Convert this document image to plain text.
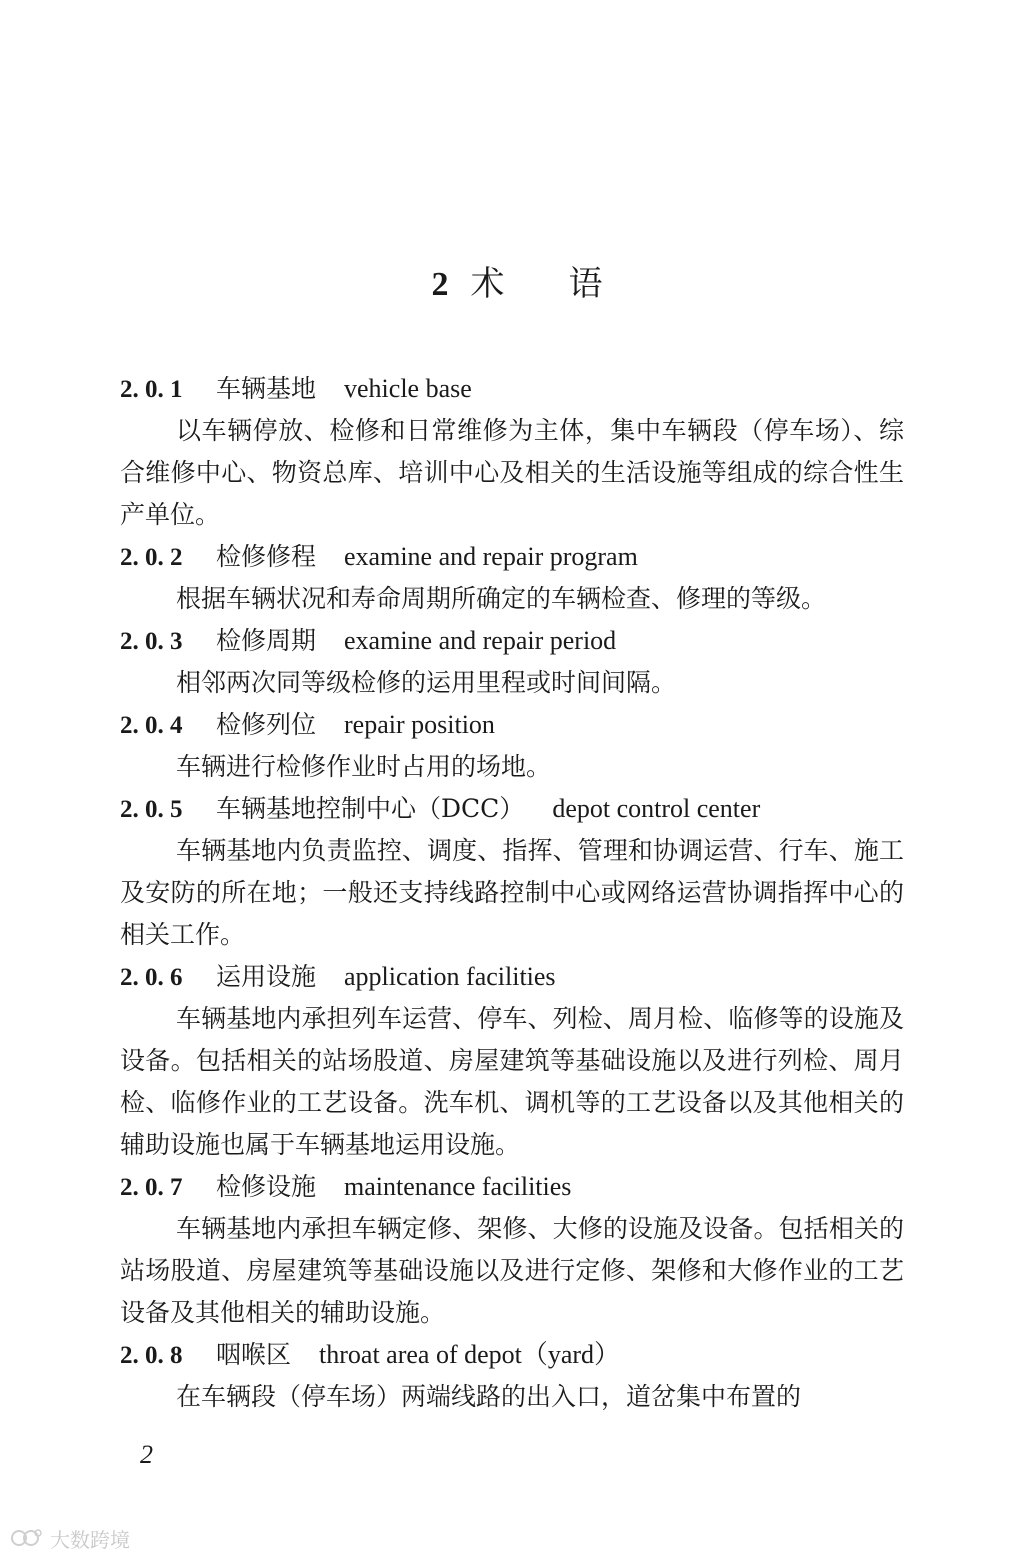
2 术语
2. 0. 1 车辆基地 vehicle base

以车辆停放、检修和日常维修为主体，集中车辆段（停车场）、综合维修中心、物资总库、培训中心及相关的生活设施等组成的综合性生产单位。

2. 0. 2 检修修程 examine and repair program

根据车辆状况和寿命周期所确定的车辆检查、修理的等级。

2. 0. 3 检修周期 examine and repair period

相邻两次同等级检修的运用里程或时间间隔。

2. 0. 4 检修列位 repair position

车辆进行检修作业时占用的场地。

2. 0. 5 车辆基地控制中心（DCC） depot control center

车辆基地内负责监控、调度、指挥、管理和协调运营、行车、施工及安防的所在地；一般还支持线路控制中心或网络运营协调指挥中心的相关工作。

2. 0. 6 运用设施 application facilities

车辆基地内承担列车运营、停车、列检、周月检、临修等的设施及设备。包括相关的站场股道、房屋建筑等基础设施以及进行列检、周月检、临修作业的工艺设备。洗车机、调机等的工艺设备以及其他相关的辅助设施也属于车辆基地运用设施。

2. 0. 7 检修设施 maintenance facilities

车辆基地内承担车辆定修、架修、大修的设施及设备。包括相关的站场股道、房屋建筑等基础设施以及进行定修、架修和大修作业的工艺设备及其他相关的辅助设施。

2. 0. 8 咽喉区 throat area of depot（yard）

在车辆段（停车场）两端线路的出入口，道岔集中布置的

2
大数跨境
